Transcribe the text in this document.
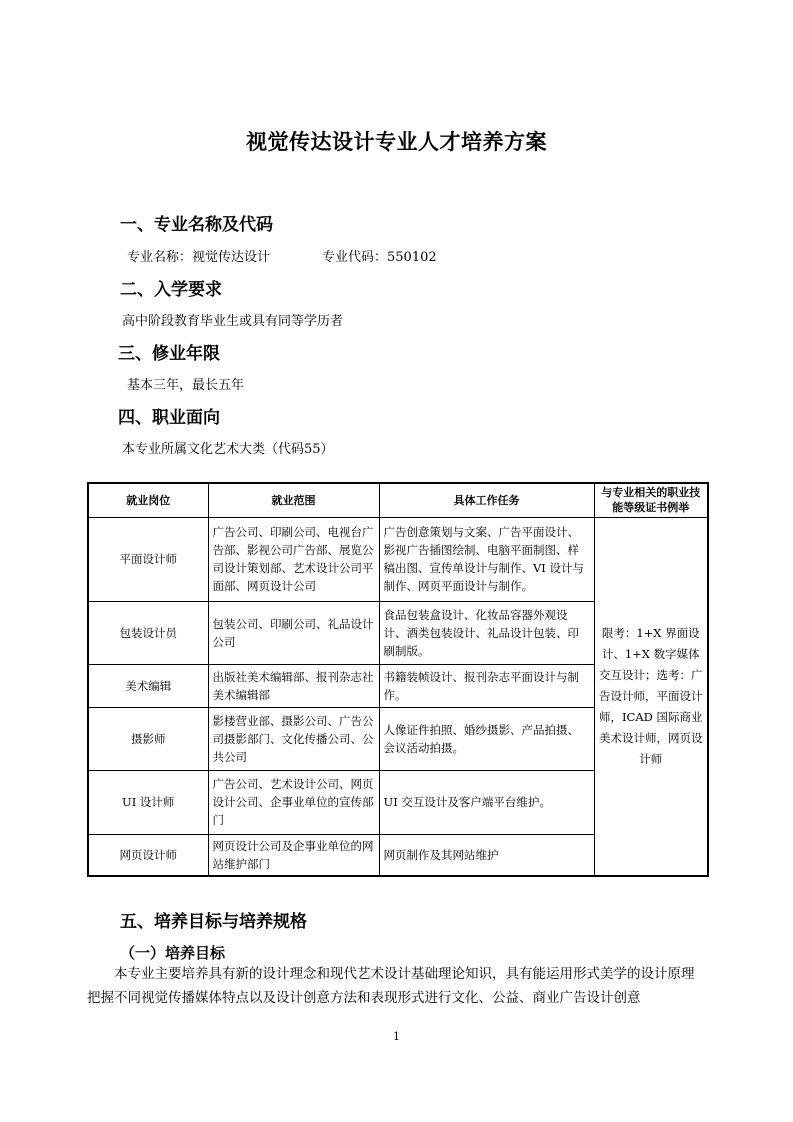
视觉传达设计专业人才培养方案
一、专业名称及代码
专业名称：视觉传达设计	专业代码：550102
二、入学要求
高中阶段教育毕业生或具有同等学历者
三、修业年限
基本三年，最长五年
四、职业面向
本专业所属文化艺术大类（代码55）
就业岗位	就业范围	具体工作任务	与专业相关的职业技能等级证书例举
平面设计师	广告公司、印刷公司、电视台广告部、影视公司广告部、展览公司设计策划部、艺术设计公司平面部、网页设计公司	广告创意策划与文案、广告平面设计、影视广告插图绘制、电脑平面制图、样稿出图、宣传单设计与制作、VI 设计与制作、网页平面设计与制作。	限考：1+X 界面设计、1+X 数字媒体交互设计；选考：广告设计师，平面设计师，ICAD 国际商业美术设计师，网页设计师
包装设计员	包装公司、印刷公司、礼品设计公司	食品包装盒设计、化妆品容器外观设计、酒类包装设计、礼品设计包装、印刷制版。	
美术编辑	出版社美术编辑部、报刊杂志社美术编辑部	书籍装帧设计、报刊杂志平面设计与制作。	
摄影师	影楼营业部、摄影公司、广告公司摄影部门、文化传播公司、公共公司	人像证件拍照、婚纱摄影、产品拍摄、会议活动拍摄。	
UI 设计师	广告公司、艺术设计公司、网页设计公司、企事业单位的宣传部门	UI 交互设计及客户端平台维护。	
网页设计师	网页设计公司及企事业单位的网站维护部门	网页制作及其网站维护	
五、培养目标与培养规格
（一）培养目标
本专业主要培养具有新的设计理念和现代艺术设计基础理论知识，具有能运用形式美学的设计原理把握不同视觉传播媒体特点以及设计创意方法和表现形式进行文化、公益、商业广告设计创意
1
